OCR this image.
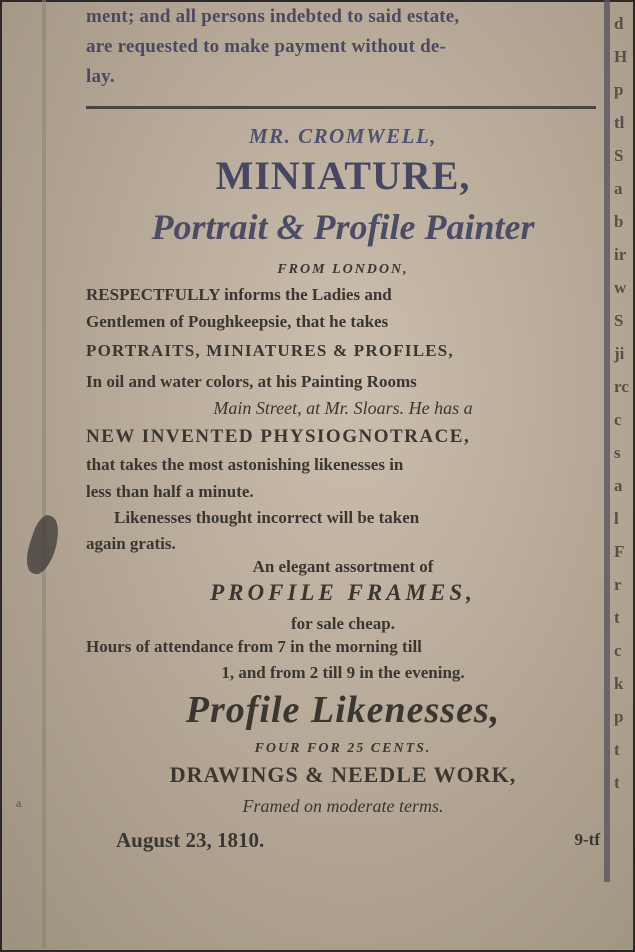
a
ment; and all persons indebted to said estate,
are requested to make payment without de-
lay.
MR. CROMWELL,
MINIATURE,
Portrait & Profile Painter
FROM LONDON,
RESPECTFULLY informs the Ladies and
Gentlemen of Poughkeepsie, that he takes
PORTRAITS, MINIATURES & PROFILES,
In oil and water colors, at his Painting Rooms
Main Street, at Mr. Sloars. He has a
NEW INVENTED PHYSIOGNOTRACE,
that takes the most astonishing likenesses in
less than half a minute.
Likenesses thought incorrect will be taken
again gratis.
An elegant assortment of
PROFILE FRAMES,
for sale cheap.
Hours of attendance from 7 in the morning till
1, and from 2 till 9 in the evening.
Profile Likenesses,
FOUR FOR 25 CENTS.
DRAWINGS & NEEDLE WORK,
Framed on moderate terms.
August 23, 1810.	9-tf
d
H
p
tl
S
a
b
ir
w
S
ji
rc
c
s
a
l
F
r
t
c
k
p
t
t
